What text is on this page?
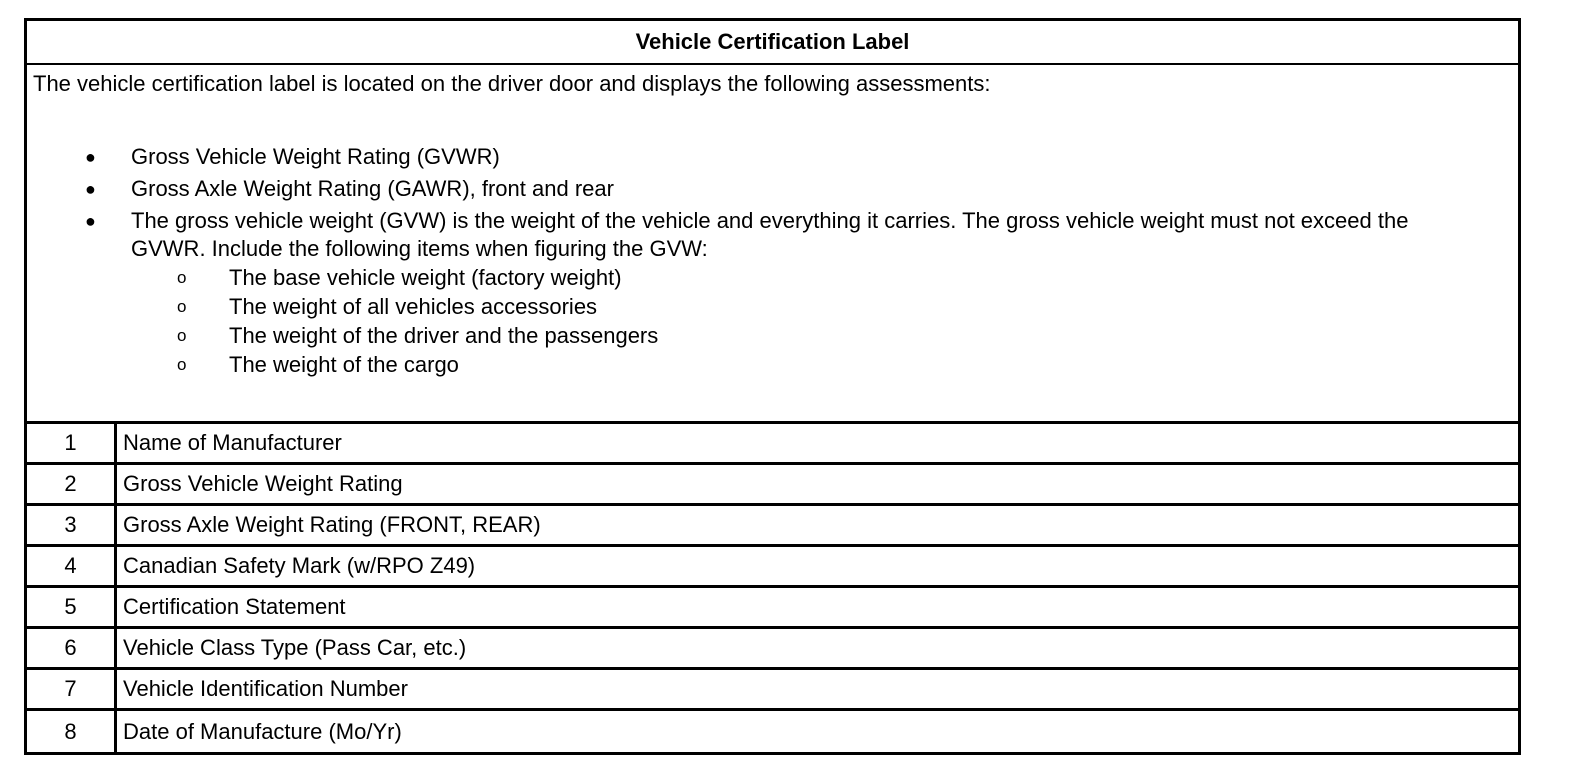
Vehicle Certification Label
The vehicle certification label is located on the driver door and displays the following assessments:
● Gross Vehicle Weight Rating (GVWR)
● Gross Axle Weight Rating (GAWR), front and rear
● The gross vehicle weight (GVW) is the weight of the vehicle and everything it carries. The gross vehicle weight must not exceed the GVWR. Include the following items when figuring the GVW:
o The base vehicle weight (factory weight)
o The weight of all vehicles accessories
o The weight of the driver and the passengers
o The weight of the cargo
1	Name of Manufacturer
2	Gross Vehicle Weight Rating
3	Gross Axle Weight Rating (FRONT, REAR)
4	Canadian Safety Mark (w/RPO Z49)
5	Certification Statement
6	Vehicle Class Type (Pass Car, etc.)
7	Vehicle Identification Number
8	Date of Manufacture (Mo/Yr)
